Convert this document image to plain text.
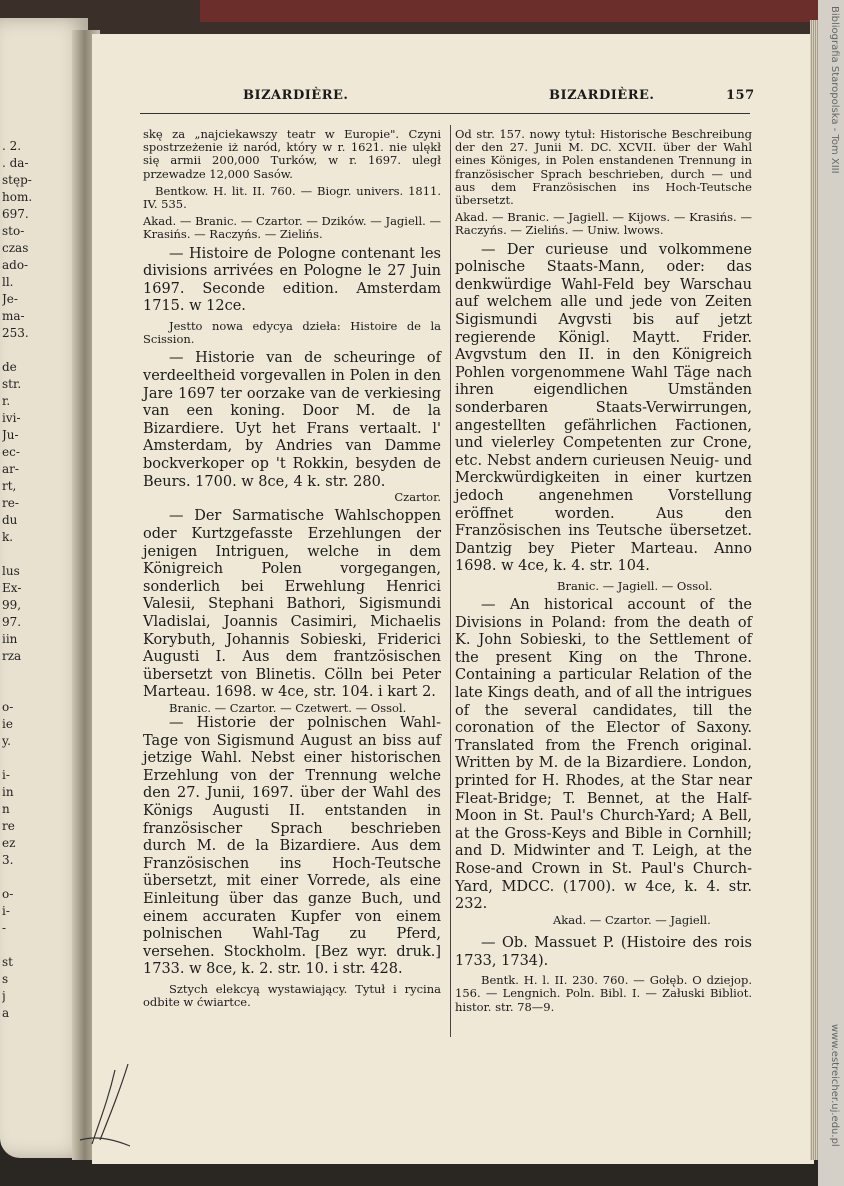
. 2.
. da-
stęp-
hom.
697.
sto-
czas
ado-
ll.
Je-
ma-
253.
de
str.
r.
ivi-
Ju-
ec-
ar-
rt,
re-
du
k.
lus
Ex-
99,
97.
iin
rza
o-
ie
y.
i-
in
n
re
ez
3.
o-
i-
-
st
s
j
a
Bibliografia Staropolska - Tom XIII
www.estreicher.uj.edu.pl
BIZARDIÈRE.	BIZARDIÈRE.	157

skę za „najciekawszy teatr w Europie". Czyni spostrzeżenie iż naród, który w r. 1621. nie ulękł się armii 200,000 Turków, w r. 1697. uległ przewadze 12,000 Sasów.

Bentkow. H. lit. II. 760. — Biogr. univers. 1811. IV. 535.

Akad. — Branic. — Czartor. — Dzików. — Jagiell. — Krasińs. — Raczyńs. — Zielińs.

— Histoire de Pologne contenant les divisions arrivées en Pologne le 27 Juin 1697. Seconde edition. Amsterdam 1715. w 12ce.

Jestto nowa edycya dzieła: Histoire de la Scission.

— Historie van de scheuringe of verdeeltheid vorgevallen in Polen in den Jare 1697 ter oorzake van de verkiesing van een koning. Door M. de la Bizardiere. Uyt het Frans vertaalt. l' Amsterdam, by Andries van Damme bockverkoper op 't Rokkin, besyden de Beurs. 1700. w 8ce, 4 k. str. 280.

Czartor.

— Der Sarmatische Wahlschoppen oder Kurtzgefasste Erzehlungen der jenigen Intriguen, welche in dem Königreich Polen vorgegangen, sonderlich bei Erwehlung Henrici Valesii, Stephani Bathori, Sigismundi Vladislai, Joannis Casimiri, Michaelis Korybuth, Johannis Sobieski, Friderici Augusti I. Aus dem frantzösischen übersetzt von Blinetis. Cölln bei Peter Marteau. 1698. w 4ce, str. 104. i kart 2.

Branic. — Czartor. — Czetwert. — Ossol.

— Historie der polnischen Wahl-Tage von Sigismund August an biss auf jetzige Wahl. Nebst einer historischen Erzehlung von der Trennung welche den 27. Junii, 1697. über der Wahl des Königs Augusti II. entstanden in französischer Sprach beschrieben durch M. de la Bizardiere. Aus dem Französischen ins Hoch-Teutsche übersetzt, mit einer Vorrede, als eine Einleitung über das ganze Buch, und einem accuraten Kupfer von einem polnischen Wahl-Tag zu Pferd, versehen. Stockholm. [Bez wyr. druk.] 1733. w 8ce, k. 2. str. 10. i str. 428.

Sztych elekcyą wystawiający. Tytuł i rycina odbite w ćwiartce.

Od str. 157. nowy tytuł: Historische Beschreibung der den 27. Junii M. DC. XCVII. über der Wahl eines Königes, in Polen enstandenen Trennung in französischer Sprach beschrieben, durch — und aus dem Französischen ins Hoch-Teutsche übersetzt.

Akad. — Branic. — Jagiell. — Kijows. — Krasińs. — Raczyńs. — Zielińs. — Uniw. lwows.

— Der curieuse und volkommene polnische Staats-Mann, oder: das denkwürdige Wahl-Feld bey Warschau auf welchem alle und jede von Zeiten Sigismundi Avgvsti bis auf jetzt regierende Königl. Maytt. Frider. Avgvstum den II. in den Königreich Pohlen vorgenommene Wahl Täge nach ihren eigendlichen Umständen sonderbaren Staats-Verwirrungen, angestellten gefährlichen Factionen, und vielerley Competenten zur Crone, etc. Nebst andern curieusen Neuig- und Merckwürdigkeiten in einer kurtzen jedoch angenehmen Vorstellung eröffnet worden. Aus den Französischen ins Teutsche übersetzet. Dantzig bey Pieter Marteau. Anno 1698. w 4ce, k. 4. str. 104.

Branic. — Jagiell. — Ossol.

— An historical account of the Divisions in Poland: from the death of K. John Sobieski, to the Settlement of the present King on the Throne. Containing a particular Relation of the late Kings death, and of all the intrigues of the several candidates, till the coronation of the Elector of Saxony. Translated from the French original. Written by M. de la Bizardiere. London, printed for H. Rhodes, at the Star near Fleat-Bridge; T. Bennet, at the Half-Moon in St. Paul's Church-Yard; A Bell, at the Gross-Keys and Bible in Cornhill; and D. Midwinter and T. Leigh, at the Rose-and Crown in St. Paul's Church-Yard, MDCC. (1700). w 4ce, k. 4. str. 232.

Akad. — Czartor. — Jagiell.

— Ob. Massuet P. (Histoire des rois 1733, 1734).

Bentk. H. l. II. 230. 760. — Gołęb. O dziejop. 156. — Lengnich. Poln. Bibl. I. — Załuski Bibliot. histor. str. 78—9.
